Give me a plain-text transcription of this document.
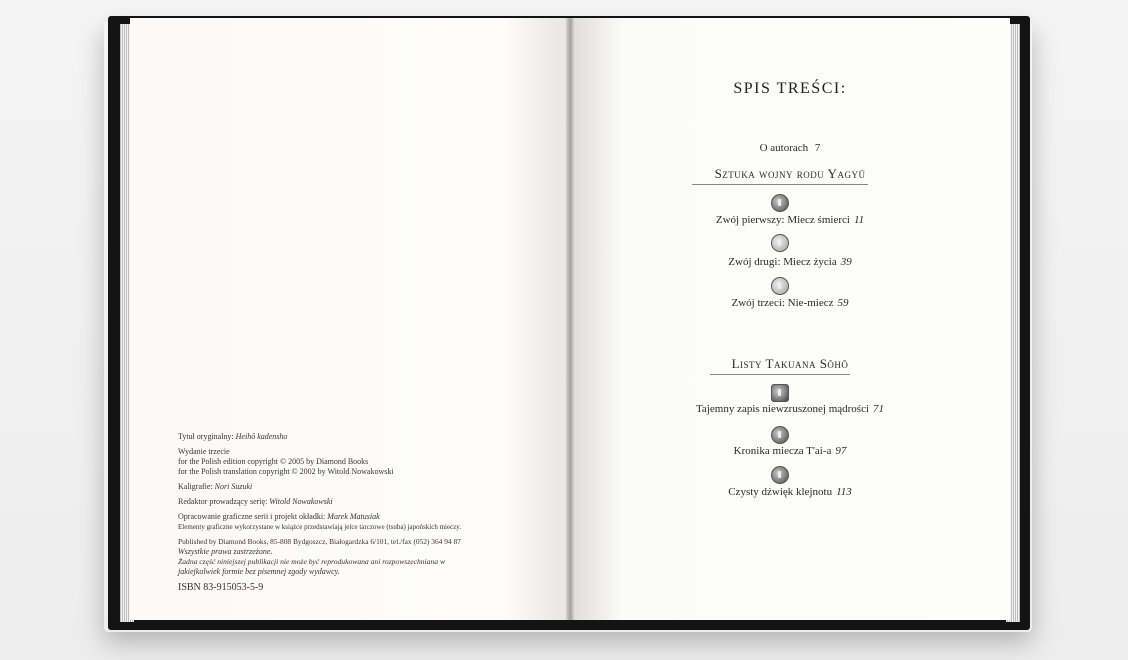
Tytuł oryginalny: Heihō kadensho
Wydanie trzecie
for the Polish edition copyright © 2005 by Diamond Books
for the Polish translation copyright © 2002 by Witold Nowakowski
Kaligrafie: Nori Suzuki
Redaktor prowadzący serię: Witold Nowakowski
Opracowanie graficzne serii i projekt okładki: Marek Matusiak
Elementy graficzne wykorzystane w książce przedstawiają jelce tarczowe (tsuba) japońskich mieczy.
Published by Diamond Books, 85-808 Bydgoszcz, Białogardzka 6/101, tel./fax (052) 364 94 87
Wszystkie prawa zastrzeżone.
Żadna część niniejszej publikacji nie może być reprodukowana ani rozpowszechniana w
jakiejkolwiek formie bez pisemnej zgody wydawcy.
ISBN 83-915053-5-9
SPIS TREŚCI:
O autorach 7
Sztuka wojny rodu Yagyū
Zwój pierwszy: Miecz śmierci 11
Zwój drugi: Miecz życia 39
Zwój trzeci: Nie-miecz 59
Listy Takuana Sōhō
Tajemny zapis niewzruszonej mądrości 71
Kronika miecza T'ai-a 97
Czysty dźwięk klejnotu 113
